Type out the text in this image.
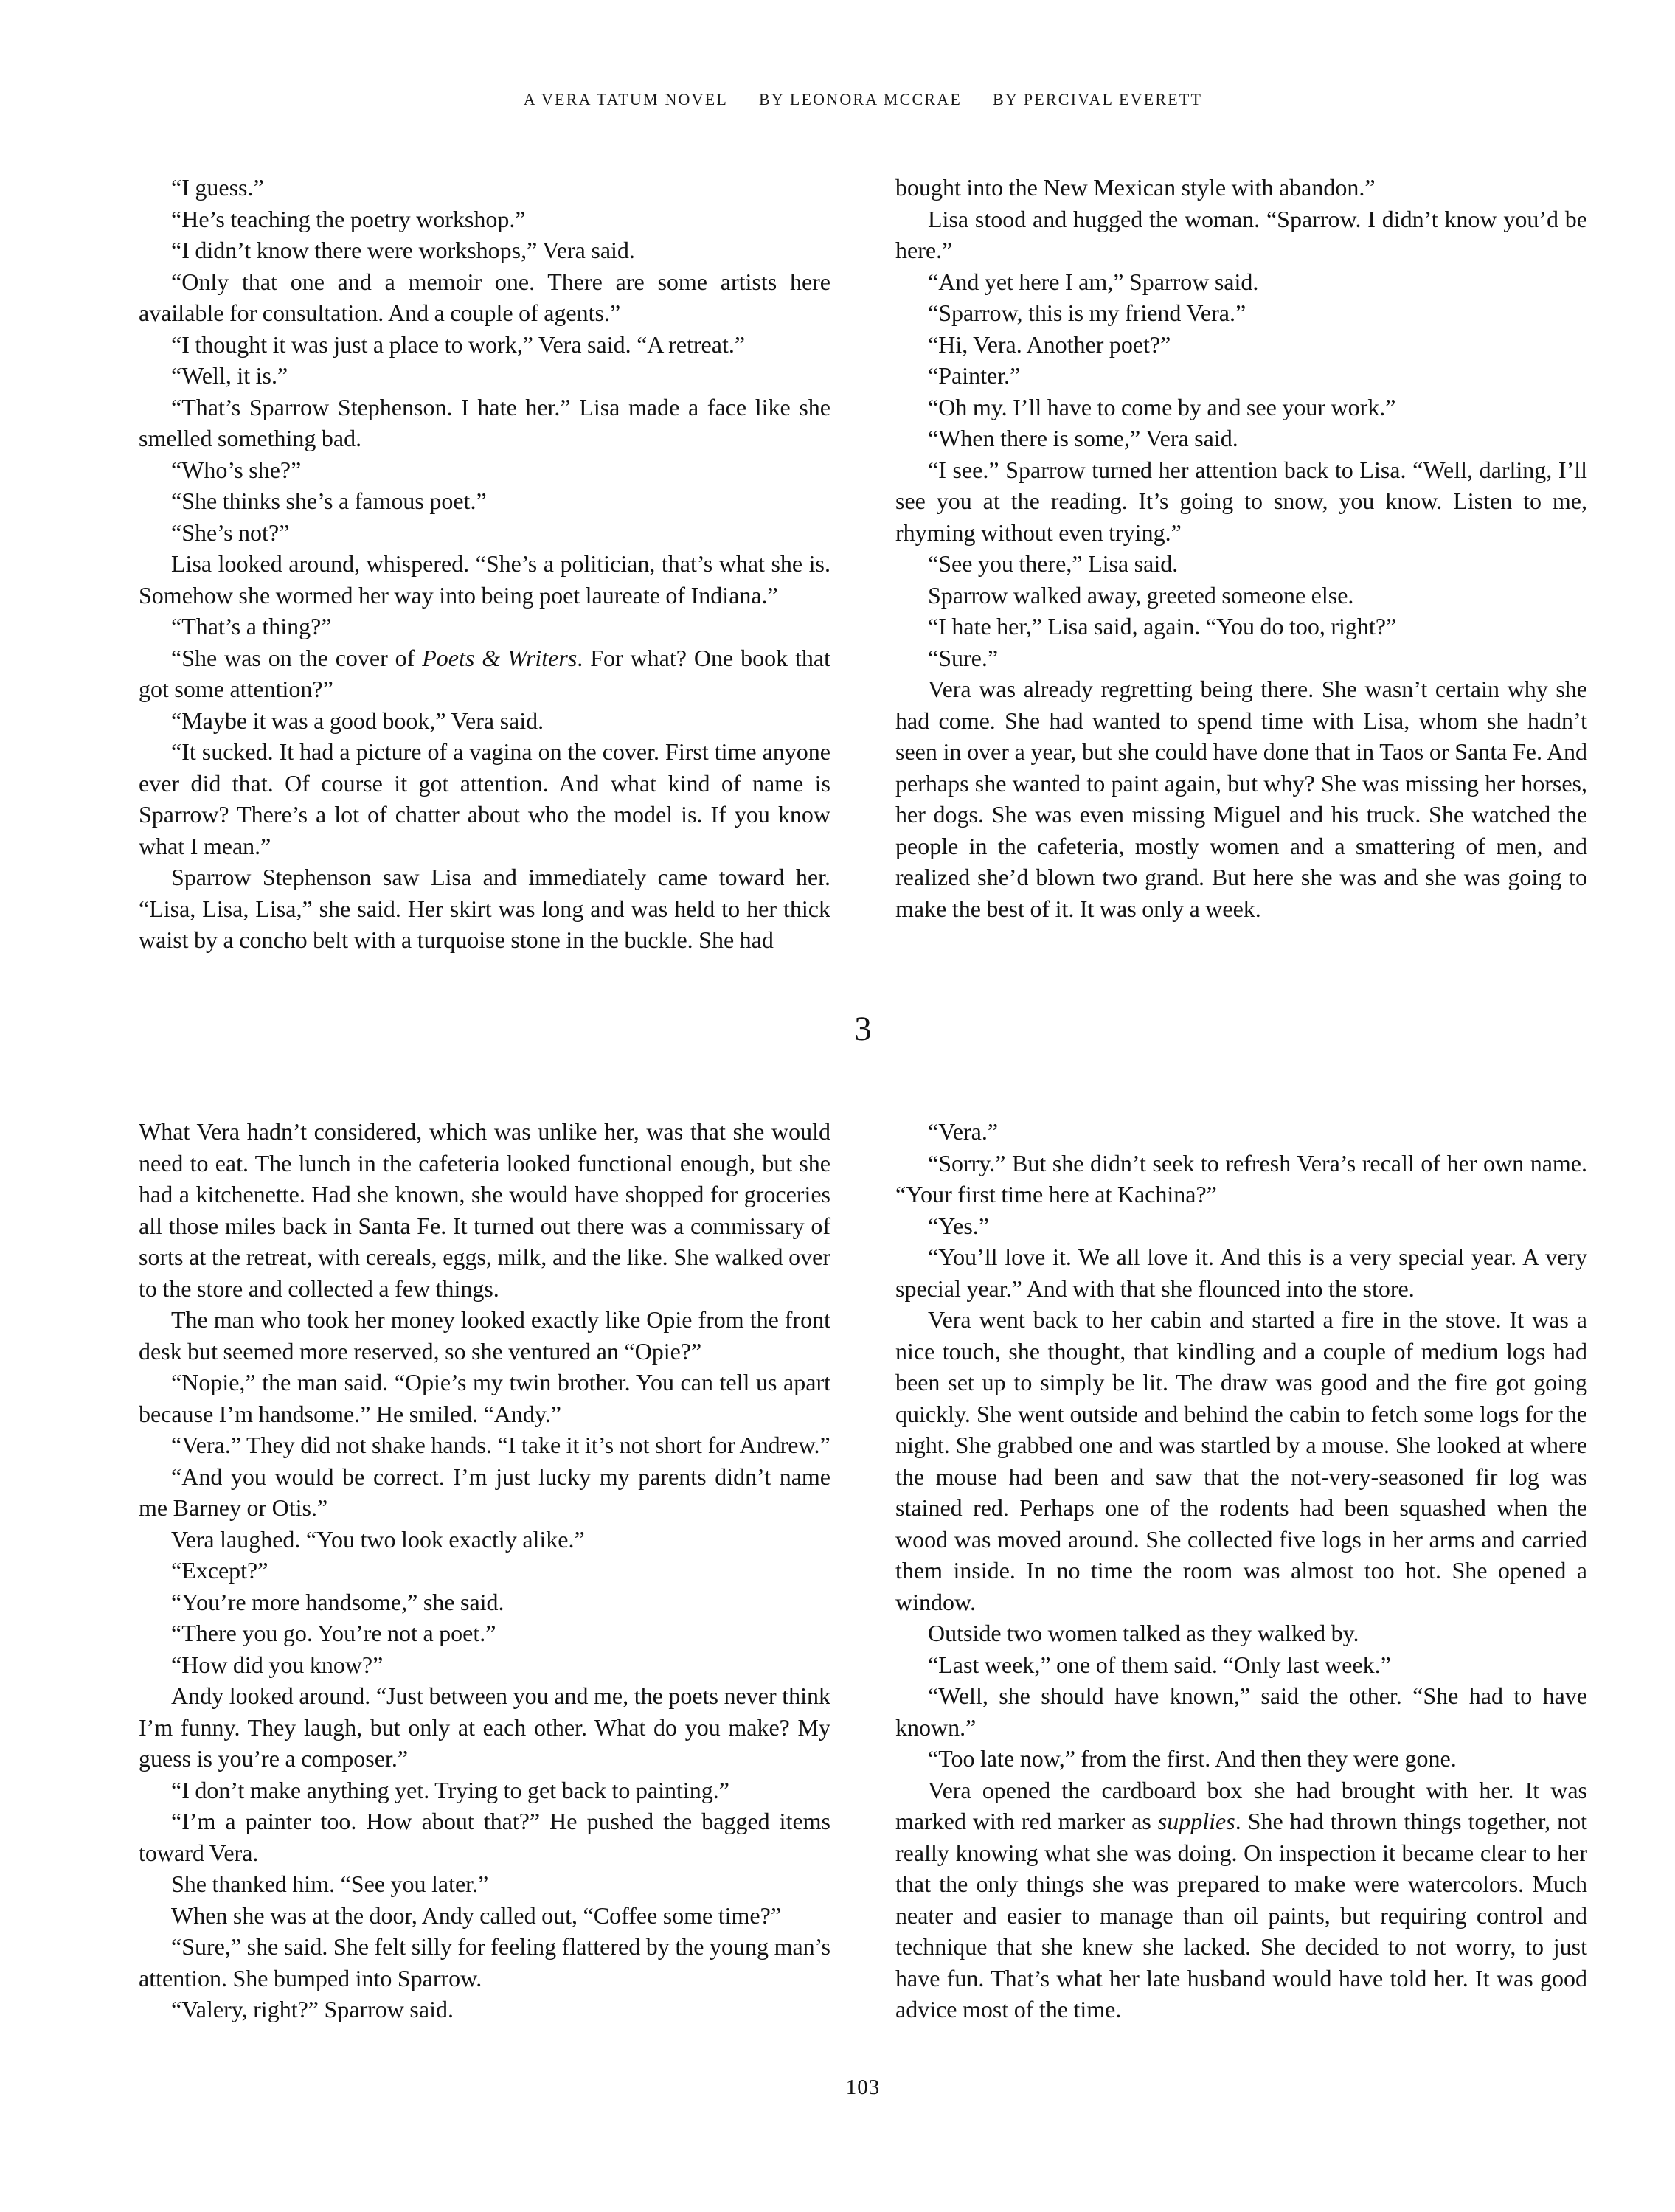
A VERA TATUM NOVEL BY LEONORA MCCRAE BY PERCIVAL EVERETT

“I guess.”

“He’s teaching the poetry workshop.”

“I didn’t know there were workshops,” Vera said.

“Only that one and a memoir one. There are some artists here available for consultation. And a couple of agents.”

“I thought it was just a place to work,” Vera said. “A retreat.”

“Well, it is.”

“That’s Sparrow Stephenson. I hate her.” Lisa made a face like she smelled something bad.

“Who’s she?”

“She thinks she’s a famous poet.”

“She’s not?”

Lisa looked around, whispered. “She’s a politician, that’s what she is. Somehow she wormed her way into being poet laureate of Indiana.”

“That’s a thing?”

“She was on the cover of Poets & Writers. For what? One book that got some attention?”

“Maybe it was a good book,” Vera said.

“It sucked. It had a picture of a vagina on the cover. First time anyone ever did that. Of course it got attention. And what kind of name is Sparrow? There’s a lot of chatter about who the model is. If you know what I mean.”

Sparrow Stephenson saw Lisa and immediately came toward her. “Lisa, Lisa, Lisa,” she said. Her skirt was long and was held to her thick waist by a concho belt with a turquoise stone in the buckle. She had

bought into the New Mexican style with abandon.”

Lisa stood and hugged the woman. “Sparrow. I didn’t know you’d be here.”

“And yet here I am,” Sparrow said.

“Sparrow, this is my friend Vera.”

“Hi, Vera. Another poet?”

“Painter.”

“Oh my. I’ll have to come by and see your work.”

“When there is some,” Vera said.

“I see.” Sparrow turned her attention back to Lisa. “Well, darling, I’ll see you at the reading. It’s going to snow, you know. Listen to me, rhyming without even trying.”

“See you there,” Lisa said.

Sparrow walked away, greeted someone else.

“I hate her,” Lisa said, again. “You do too, right?”

“Sure.”

Vera was already regretting being there. She wasn’t certain why she had come. She had wanted to spend time with Lisa, whom she hadn’t seen in over a year, but she could have done that in Taos or Santa Fe. And perhaps she wanted to paint again, but why? She was missing her horses, her dogs. She was even missing Miguel and his truck. She watched the people in the cafeteria, mostly women and a smattering of men, and realized she’d blown two grand. But here she was and she was going to make the best of it. It was only a week.

3

What Vera hadn’t considered, which was unlike her, was that she would need to eat. The lunch in the cafeteria looked functional enough, but she had a kitchenette. Had she known, she would have shopped for groceries all those miles back in Santa Fe. It turned out there was a commissary of sorts at the retreat, with cereals, eggs, milk, and the like. She walked over to the store and collected a few things.

The man who took her money looked exactly like Opie from the front desk but seemed more reserved, so she ventured an “Opie?”

“Nopie,” the man said. “Opie’s my twin brother. You can tell us apart because I’m handsome.” He smiled. “Andy.”

“Vera.” They did not shake hands. “I take it it’s not short for Andrew.”

“And you would be correct. I’m just lucky my parents didn’t name me Barney or Otis.”

Vera laughed. “You two look exactly alike.”

“Except?”

“You’re more handsome,” she said.

“There you go. You’re not a poet.”

“How did you know?”

Andy looked around. “Just between you and me, the poets never think I’m funny. They laugh, but only at each other. What do you make? My guess is you’re a composer.”

“I don’t make anything yet. Trying to get back to painting.”

“I’m a painter too. How about that?” He pushed the bagged items toward Vera.

She thanked him. “See you later.”

When she was at the door, Andy called out, “Coffee some time?”

“Sure,” she said. She felt silly for feeling flattered by the young man’s attention. She bumped into Sparrow.

“Valery, right?” Sparrow said.

“Vera.”

“Sorry.” But she didn’t seek to refresh Vera’s recall of her own name. “Your first time here at Kachina?”

“Yes.”

“You’ll love it. We all love it. And this is a very special year. A very special year.” And with that she flounced into the store.

Vera went back to her cabin and started a fire in the stove. It was a nice touch, she thought, that kindling and a couple of medium logs had been set up to simply be lit. The draw was good and the fire got going quickly. She went outside and behind the cabin to fetch some logs for the night. She grabbed one and was startled by a mouse. She looked at where the mouse had been and saw that the not-very-seasoned fir log was stained red. Perhaps one of the rodents had been squashed when the wood was moved around. She collected five logs in her arms and carried them inside. In no time the room was almost too hot. She opened a window.

Outside two women talked as they walked by.

“Last week,” one of them said. “Only last week.”

“Well, she should have known,” said the other. “She had to have known.”

“Too late now,” from the first. And then they were gone.

Vera opened the cardboard box she had brought with her. It was marked with red marker as supplies. She had thrown things together, not really knowing what she was doing. On inspection it became clear to her that the only things she was prepared to make were watercolors. Much neater and easier to manage than oil paints, but requiring control and technique that she knew she lacked. She decided to not worry, to just have fun. That’s what her late husband would have told her. It was good advice most of the time.

103
